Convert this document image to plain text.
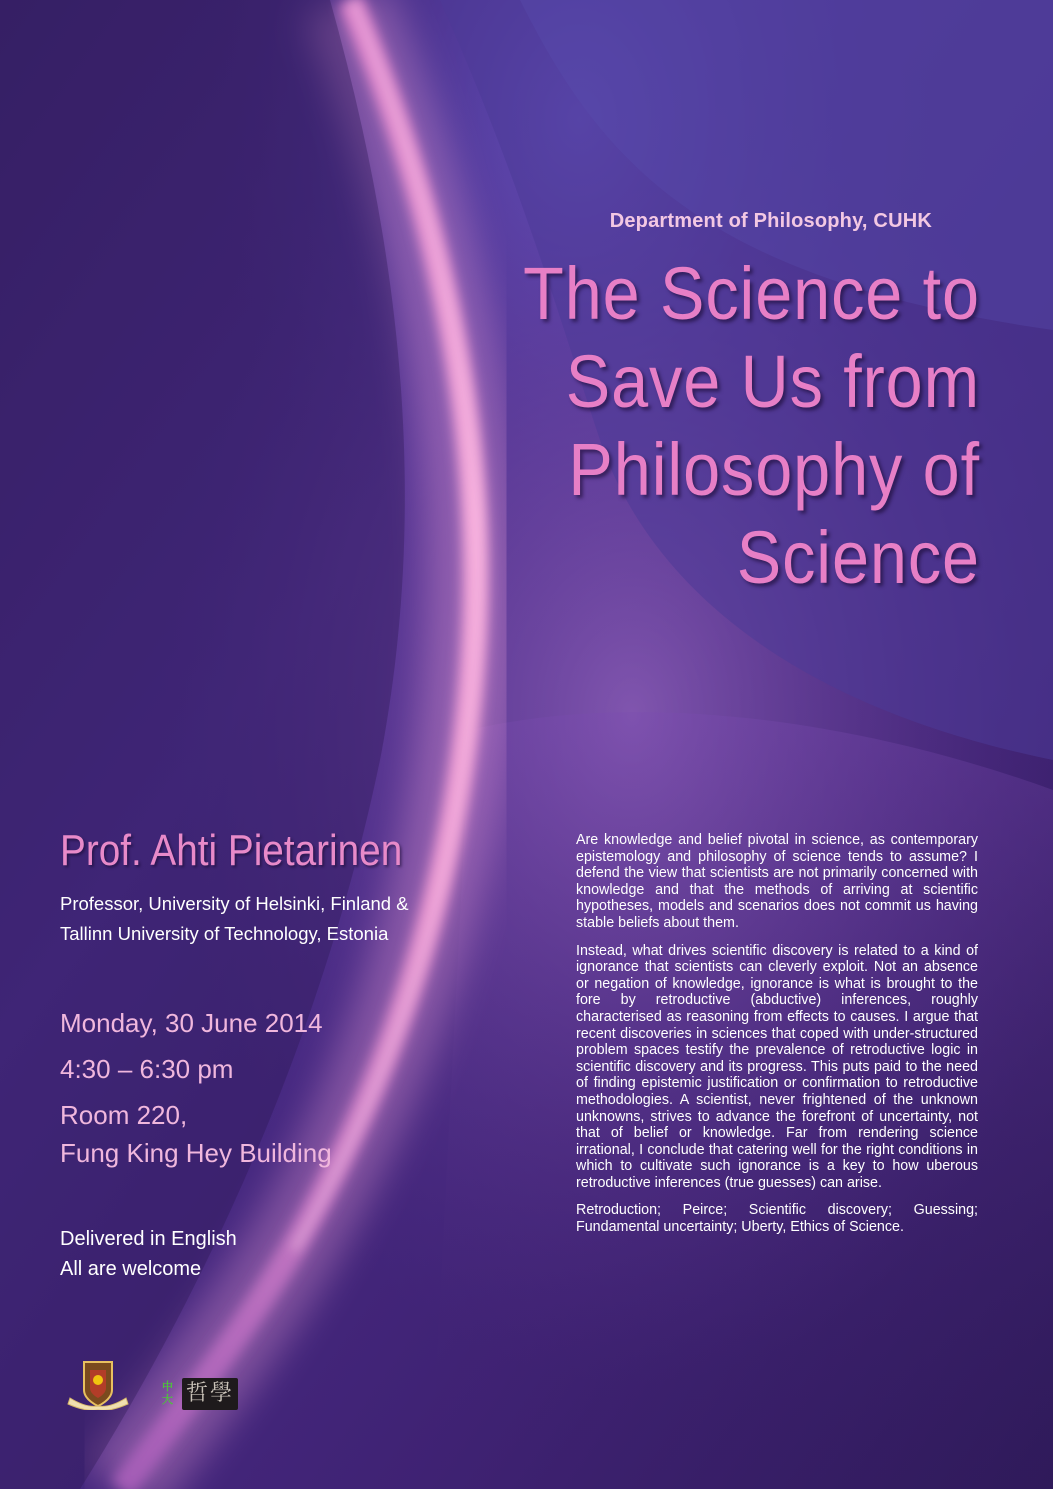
Department of Philosophy, CUHK
The Science to
Save Us from
Philosophy of
Science
Prof. Ahti Pietarinen
Professor, University of Helsinki, Finland &
Tallinn University of Technology, Estonia
Monday, 30 June 2014
4:30 – 6:30 pm
Room 220,
Fung King Hey Building
Delivered in English
All are welcome

Are knowledge and belief pivotal in science, as contemporary epistemology and philosophy of science tends to assume? I defend the view that scientists are not primarily concerned with knowledge and that the methods of arriving at scientific hypotheses, models and scenarios does not commit us having stable beliefs about them.

Instead, what drives scientific discovery is related to a kind of ignorance that scientists can cleverly exploit. Not an absence or negation of knowledge, ignorance is what is brought to the fore by retroductive (abductive) inferences, roughly characterised as reasoning from effects to causes. I argue that recent discoveries in sciences that coped with under-structured problem spaces testify the prevalence of retroductive logic in scientific discovery and its progress. This puts paid to the need of finding epistemic justification or confirmation to retroductive methodologies. A scientist, never frightened of the unknown unknowns, strives to advance the forefront of uncertainty, not that of belief or knowledge. Far from rendering science irrational, I conclude that catering well for the right conditions in which to cultivate such ignorance is a key to how uberous retroductive inferences (true guesses) can arise.

Retroduction; Peirce; Scientific discovery; Guessing; Fundamental uncertainty; Uberty, Ethics of Science.

中大 哲學
